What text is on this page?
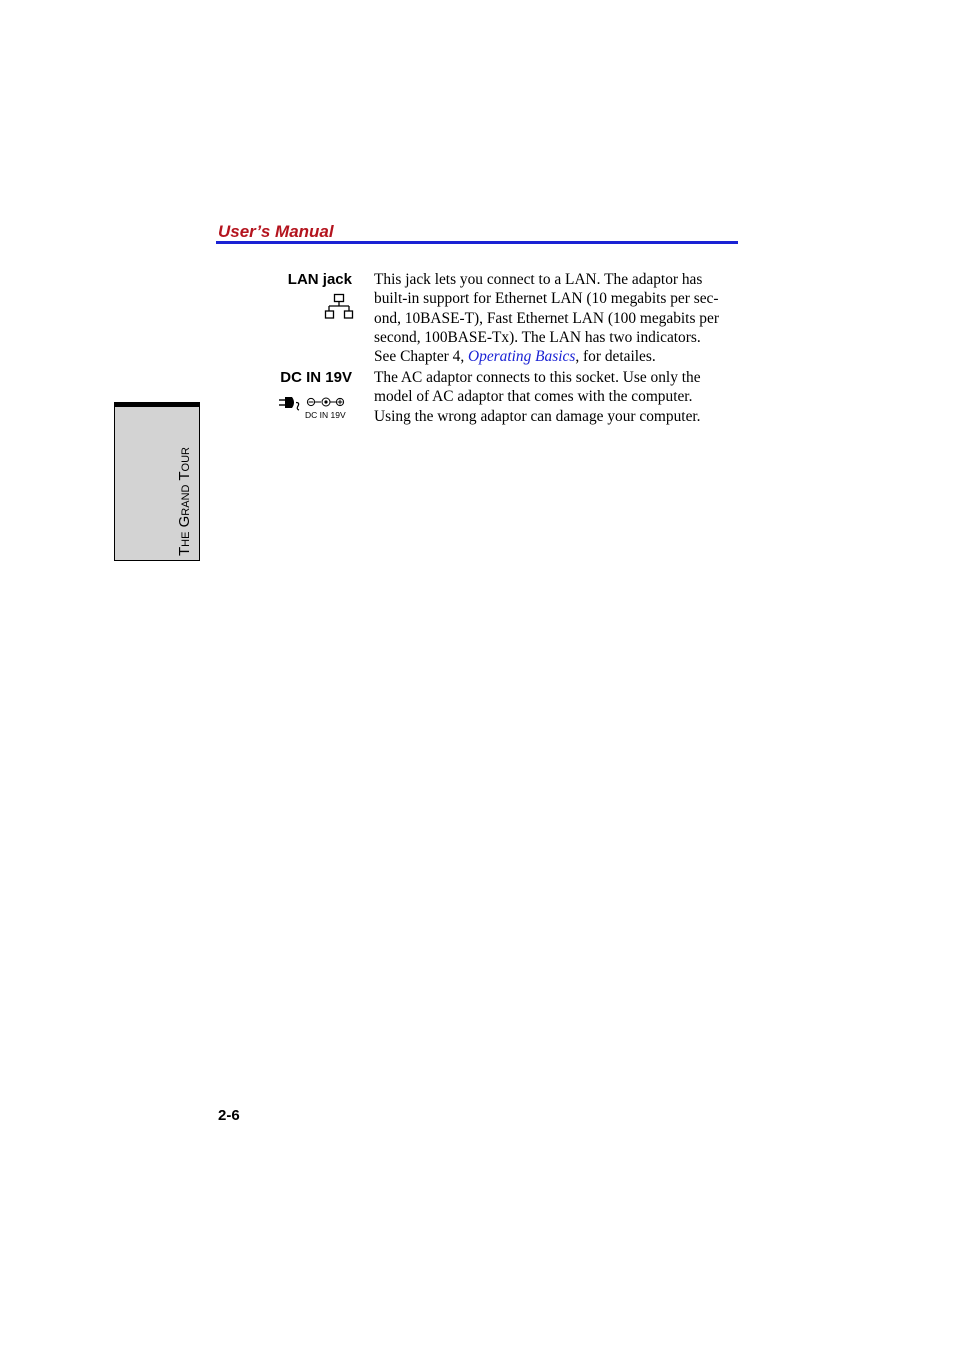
User’s Manual
THE GRAND TOUR
LAN jack This jack lets you connect to a LAN. The adaptor has
built-in support for Ethernet LAN (10 megabits per sec-
ond, 10BASE-T), Fast Ethernet LAN (100 megabits per
second, 100BASE-Tx). The LAN has two indicators.
See Chapter 4, Operating Basics, for detailes.
DC IN 19V
DC IN 19V
The AC adaptor connects to this socket. Use only the
model of AC adaptor that comes with the computer.
Using the wrong adaptor can damage your computer.
2-6
